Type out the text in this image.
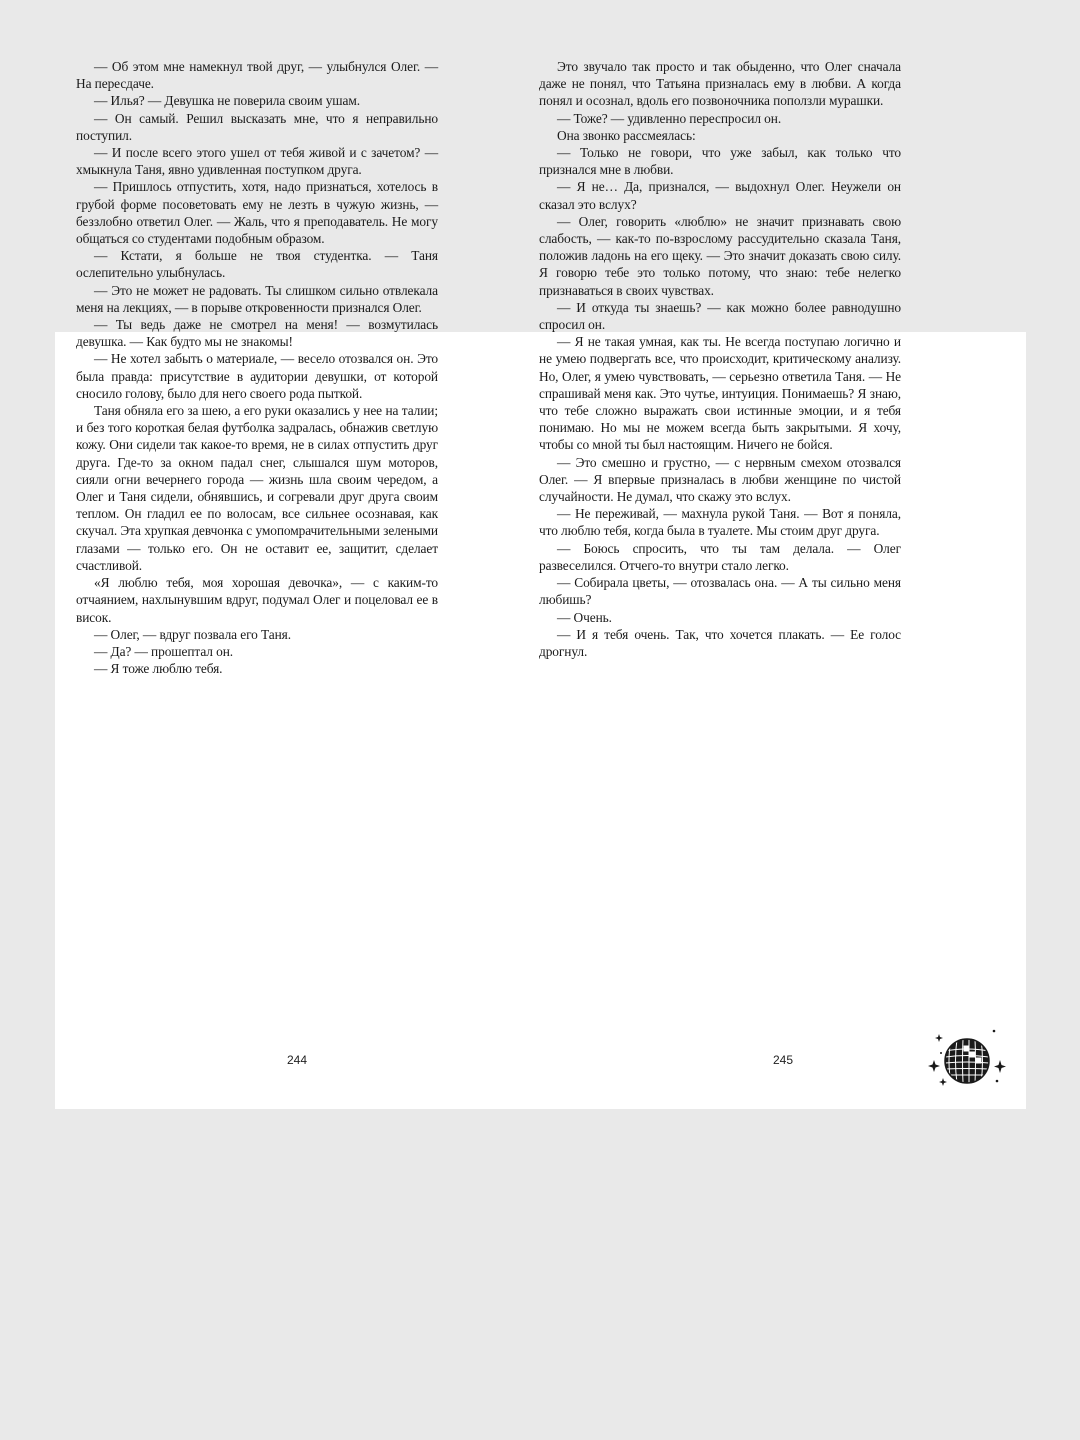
— Об этом мне намекнул твой друг, — улыбнулся Олег. — На пересдаче.

— Илья? — Девушка не поверила своим ушам.

— Он самый. Решил высказать мне, что я неправильно поступил.

— И после всего этого ушел от тебя живой и с зачетом? — хмыкнула Таня, явно удивленная поступком друга.

— Пришлось отпустить, хотя, надо признаться, хотелось в грубой форме посоветовать ему не лезть в чужую жизнь, — беззлобно ответил Олег. — Жаль, что я преподаватель. Не могу общаться со студентами подобным образом.

— Кстати, я больше не твоя студентка. — Таня ослепительно улыбнулась.

— Это не может не радовать. Ты слишком сильно отвлекала меня на лекциях, — в порыве откровенности признался Олег.

— Ты ведь даже не смотрел на меня! — возмутилась девушка. — Как будто мы не знакомы!

— Не хотел забыть о материале, — весело отозвался он. Это была правда: присутствие в аудитории девушки, от которой сносило голову, было для него своего рода пыткой.

Таня обняла его за шею, а его руки оказались у нее на талии; и без того короткая белая футболка задралась, обнажив светлую кожу. Они сидели так какое-то время, не в силах отпустить друг друга. Где-то за окном падал снег, слышался шум моторов, сияли огни вечернего города — жизнь шла своим чередом, а Олег и Таня сидели, обнявшись, и согревали друг друга своим теплом. Он гладил ее по волосам, все сильнее осознавая, как скучал. Эта хрупкая девчонка с умопомрачительными зелеными глазами — только его. Он не оставит ее, защитит, сделает счастливой.

«Я люблю тебя, моя хорошая девочка», — с каким-то отчаянием, нахлынувшим вдруг, подумал Олег и поцеловал ее в висок.

— Олег, — вдруг позвала его Таня.

— Да? — прошептал он.

— Я тоже люблю тебя.

Это звучало так просто и так обыденно, что Олег сначала даже не понял, что Татьяна призналась ему в любви. А когда понял и осознал, вдоль его позвоночника поползли мурашки.

— Тоже? — удивленно переспросил он.

Она звонко рассмеялась:

— Только не говори, что уже забыл, как только что признался мне в любви.

— Я не… Да, признался, — выдохнул Олег. Неужели он сказал это вслух?

— Олег, говорить «люблю» не значит признавать свою слабость, — как-то по-взрослому рассудительно сказала Таня, положив ладонь на его щеку. — Это значит доказать свою силу. Я говорю тебе это только потому, что знаю: тебе нелегко признаваться в своих чувствах.

— И откуда ты знаешь? — как можно более равнодушно спросил он.

— Я не такая умная, как ты. Не всегда поступаю логично и не умею подвергать все, что происходит, критическому анализу. Но, Олег, я умею чувствовать, — серьезно ответила Таня. — Не спрашивай меня как. Это чутье, интуиция. Понимаешь? Я знаю, что тебе сложно выражать свои истинные эмоции, и я тебя понимаю. Но мы не можем всегда быть закрытыми. Я хочу, чтобы со мной ты был настоящим. Ничего не бойся.

— Это смешно и грустно, — с нервным смехом отозвался Олег. — Я впервые призналась в любви женщине по чистой случайности. Не думал, что скажу это вслух.

— Не переживай, — махнула рукой Таня. — Вот я поняла, что люблю тебя, когда была в туалете. Мы стоим друг друга.

— Боюсь спросить, что ты там делала. — Олег развеселился. Отчего-то внутри стало легко.

— Собирала цветы, — отозвалась она. — А ты сильно меня любишь?

— Очень.

— И я тебя очень. Так, что хочется плакать. — Ее голос дрогнул.

244	245
